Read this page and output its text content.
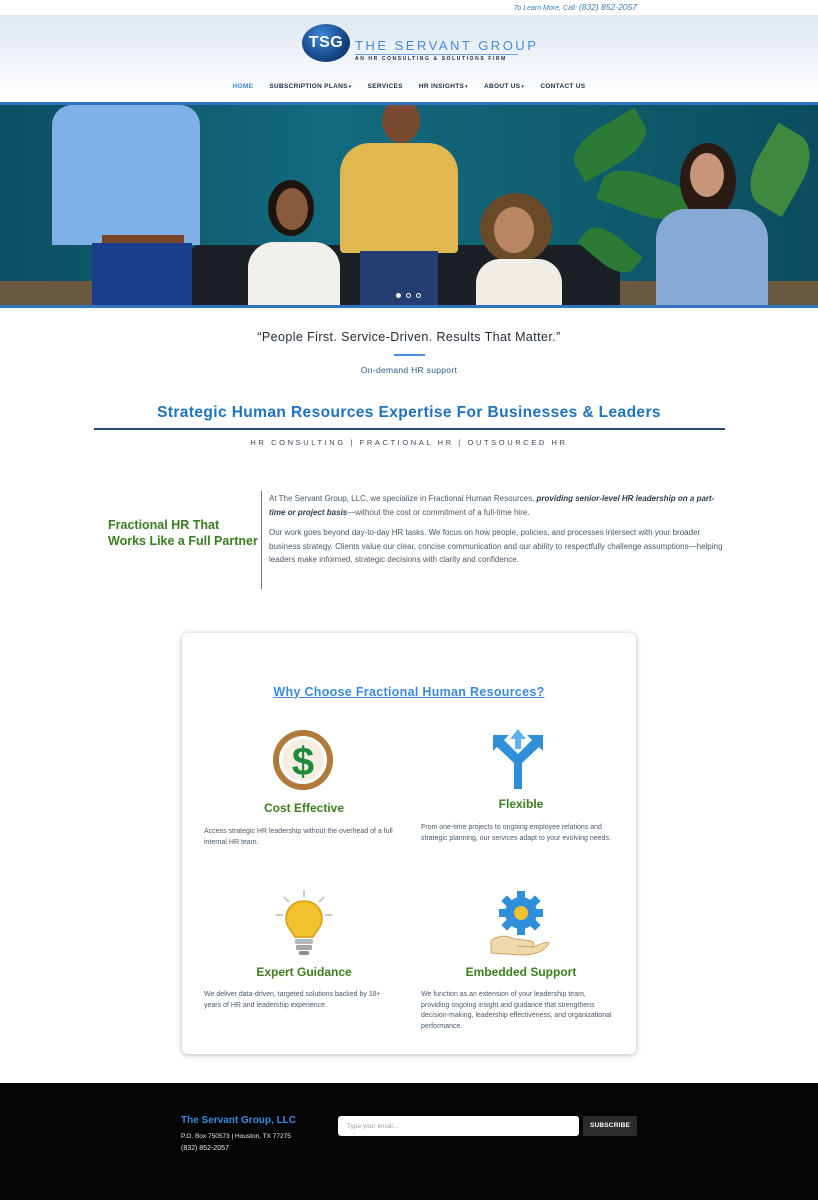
To Learn More, Call: (832) 852-2057
TSG THE SERVANT GROUP
AN HR CONSULTING & SOLUTIONS FIRM
HOME SUBSCRIPTION PLANS▾ SERVICES HR INSIGHTS▾ ABOUT US▾ CONTACT US
“People First. Service-Driven. Results That Matter.”
On-demand HR support
Strategic Human Resources Expertise For Businesses & Leaders
HR CONSULTING | FRACTIONAL HR | OUTSOURCED HR
Fractional HR That Works Like a Full Partner

At The Servant Group, LLC, we specialize in Fractional Human Resources, providing senior-level HR leadership on a part-time or project basis—without the cost or commitment of a full-time hire.

Our work goes beyond day-to-day HR tasks. We focus on how people, policies, and processes intersect with your broader business strategy. Clients value our clear, concise communication and our ability to respectfully challenge assumptions—helping leaders make informed, strategic decisions with clarity and confidence.

Why Choose Fractional Human Resources?
$
Cost Effective
Access strategic HR leadership without the overhead of a full internal HR team.
Flexible
From one-time projects to ongoing employee relations and strategic planning, our services adapt to your evolving needs.
Expert Guidance
We deliver data-driven, targeted solutions backed by 18+ years of HR and leadership experience.
Embedded Support
We function as an extension of your leadership team, providing ongoing insight and guidance that strengthens decision-making, leadership effectiveness, and organizational performance.
The Servant Group, LLC
P.O. Box 750573 | Houston, TX 77275
(832) 852-2057
Type your email...
SUBSCRIBE
